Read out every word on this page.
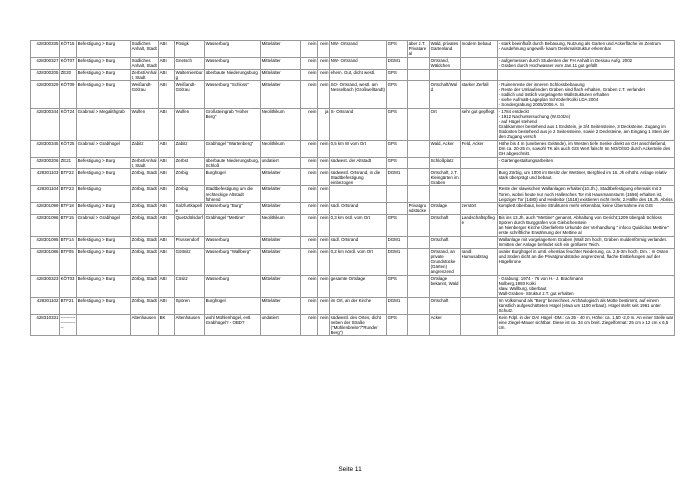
428300335	KÖT15	Befestigung > Burg	Südliches Anhalt, Stadt	ABI	Pösigk	Wasserburg	Mittelalter	nein	nein	NW- Ortsrand	GPS	aber z.T. Privatare al	Wald, privates Gartenland	modern bebaut	- stark beeinflußt durch Bebauung, Nutzung als Garten und Ackerfläche im Zentrum
- Ausdehnung ungewiß- kaum Denkmalstruktur erkennbar
428300327	KÖT07	Befestigung > Burg	Südliches Anhalt, Stadt	ABI	Gnetsch	Wasserburg	Mittelalter	nein	nein	NW- Ortsrand	DGM1		Ortsrand, Wäldchen		- aufgemessen durch Studenten der FH Anhalt in Dessau Aufg. 2002
- Graben durch Hochwasser vom Jan.11 gut gefüllt
428300205	ZE20	Befestigung > Burg	Zerbst/Anhalt, Stadt	ABI	Walternienburg	überbaute Niederungsburg	Mittelalter	nein	nein	ehem. Gut, dicht westl.	GPS				
428300329	KÖT09	Befestigung > Burg	Weißandt-Gölzau	ABI	Weißandt-Gölzau	Wasserburg "Schloss"	Mittelalter	nein	nein	SO- Ortsrand, westl. am Nesselbach (Großwelltandt)	GPS		Ortschaft/Wald	starker Zerfall	- Ruinenreste der inneren Schlossbebauung
- Reste der Umlaufenden Graben sind flach erhalten, Graben z.T. verlandet
- südlich und östlich vorgelagerte Wallstrukturen erhalten
- siehe AufmaB-Lageplan Schröder/Kolki LDA 2004
- Sondergrabung 2005/2006 A. Si
428300344	KÖT24	Grabmal > Megalithgrab	Wulfen	ABI	Wulfen	Großsteingrab "Hoher Berg"	Neolithikum	nein	ja	S- Ortsrand	GPS		Ort	sehr gut gepflegt	- 1784 entdeckt
- 1912 Nachuntersuchung (W.Götze)
- auf Hügel stehend
Grabkammer bestehend aus 1 Endstein, je 3/4 Seitensteine, 3 Decksteine. Zugang im Südosten bestehend aus je 2 Seitensteine, sowie 2 Decksteine, am Eingang 1 Stein der den Zugang versch
428300345	KÖT25	Grabmal > Grabhügel	Zabitz	ABI	Zabitz	Grabhügel "Wartenberg"	Neolithikum	nein	nein	0,5 km W vom Ort	GPS		Wald, Acker	Feld, Acker	Höhe bis 4 m (unebenes Gelände), im Westen tiefe Senke direkt an GH anschließend, Dm ca. 20-25 m, sowohl TK als auch GIS Wert falsch! Im NO/O/SO durch Ackerteile des GH abgeschnitt.
428300206	ZE21	Befestigung > Burg	Zerbst/Anhalt, Stadt	ABI	Zerbst	überbaute Niederungsburg, Schloß	undatiert	nein	nein	südwest. der Altstadt	GPS		Schloßplatz		- Gartengestaltungsarbeiten
428301103	BTF22	Befestigung > Burg	Zörbig, Stadt	ABI	Zörbig	Burghügel	Mittelalter	nein	nein	südwestl. Ortsrand, in die Stadtbefestigung einbezogen	DGM1		Ortschaft, z.T. Kleingärten im Graben		Burg Zörbig, um 1000 im Besitz der Wettiner, Bergfried im 16. Jh erhöht. Anlage relativ stark überprägt und bebaut.
428301104	BTF23	Befestigung	Zörbig, Stadt	ABI	Zörbig	Stadtbefestigung um die rechteckige Altstadt führend	Mittelalter	nein	nein						Reste der slawischen Wallanlagen erhalten(10.Jh.), Stadtbefestigung ehemals mit 3 Toren, wobei heute nur noch Hallesches Tor mit Hausmannsturm (1556) erhalten ist, Leipziger Tor (1480) und Heideitor (1518) existieren nicht mehr, 2.Hälfte des 18.Jh. Abriss
428301099	BTF18	Befestigung > Burg	Zörbig, Stadt	ABI	Salzfurtkapelle	Wasserburg "Burg"	Mittelalter	nein	nein	südl. Ortsrand		Privatgrundstücke	Ortslage	zerstört	komplett überbaut, keine Strukturen mehr erkennbar, keine Übernahme ins GIS
428301096	BTF15	Grabmal > Grabhügel	Zörbig, Stadt	ABI	Quetzdölsdorf	Grabhügel "Mettine"	Neolithikum	nein	nein	0,3 km östl. vom Ort	GPS		Ortschaft	Landschaftspflege	Bis ins 13.Jh. auch "Mettine" genannt, Abhaltung von Gericht;1209 übergab Schloss Spören durch Burggrafen von Giebichenstein
an Nienberger Kirche Überlieferte Urkunde der Verhandlung " infoco Quidicitus Mettine" erste schriftliche Erwähnung der Mettine al
428301095	BTF14	Befestigung > Burg	Zörbig, Stadt	ABI	Prussendorf	Wasserburg	Mittelalter	nein	nein	südl. Ortsrand	DGM1		Ortschaft		Wallanlage mit vorgelagertem Graben (Wall 2m hoch, Graben muldenförmig verlandet. Inmitten der Anlage befindet sich ein größerer Teich.
428301086	BTF05	Befestigung > Burg	Zörbig, Stadt	ABI	Göttnitz	Wasserburg "Wallberg"	Mittelalter	nein	nein	0,2 km nördl. vom Ort	DGM1		Ortsrand, an private Grundstücke (Gärten) angrenzend	randl. Humusabtrag	ovaler Burghügel in umtl. ehemlas feuchter Niederung, ca. 2,5-3m hoch, Dm. : m Osten und Süden dicht an die Privatgrundstücke angrenzend, flache Einttiefungen auf der Hügelkrone
428300323	KÖT03	Befestigung > Burg	Zörbig, Stadt	ABI	Cösitz	Wasserburg	Mittelalter	nein	nein	gesamte Ortslage	GPS		Ortslage bekannt, Wald		- Grabung: 1974 - 76 von H.- J. Brachmann
Nolberg,1993 Kolki
slaw. Wallburg, überbaut
Wall-Graben- Struktur z.T. gut erhalten
428301102	BTF21	Befestigung > Burg	Zörbig, Stadt	ABI	Spören	Burghügel	Mittelalter	nein	nein	im Ort, an der Kirche	DGM1		Ortschaft		Im Volksmund als "Berg" bezeichnet. Archäologisch als Motte bestimmt, auf einem künstlich aufgeschütteten Hügel (etwa um 1100 erbaut). Hügel steht seit 1961 unter Schutz.
428310331	----------------------		Altenhausen	BK	Altenhausen	wohl Mühlenhügel, evtl. Grabhügel? - OBD?	undatiert	nein	nein	südwestl. des Ortes, dicht neben der Straße ("Mühlenbreite"/"Runder Berg")	GPS		Acker		Kein Fdpl. in der OA! Hügel -DM.: ca 35 - 40 m, Höhe: ca. 1,50 -2,0 m. An einer Stelle war eine Ziegel-Mauer sichtbar. Diese ist ca. 34 cm breit. Ziegelformat: 25 cm x 12 cm x 6,5 cm.
Seite 11
